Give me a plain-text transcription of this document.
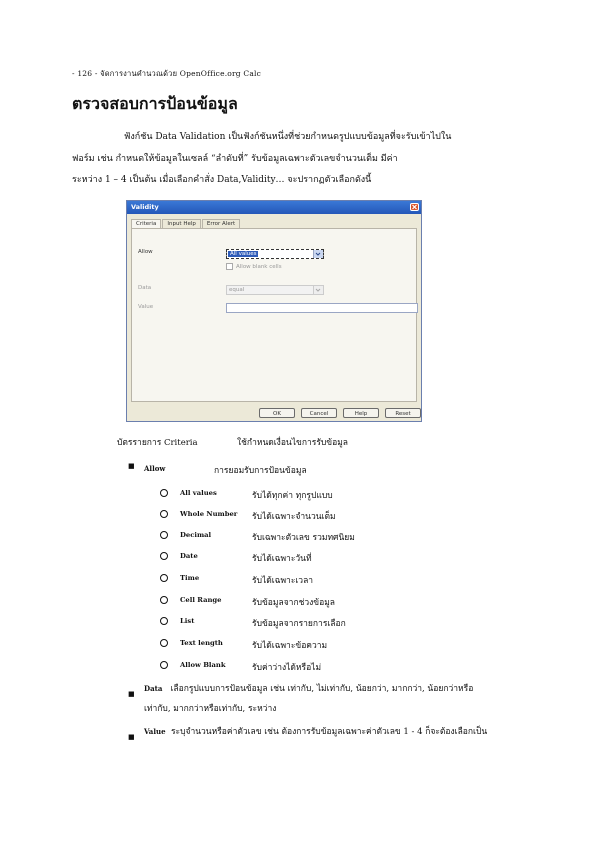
- 126 - จัดการงานคำนวณด้วย OpenOffice.org Calc
ตรวจสอบการป้อนข้อมูล

ฟังก์ชัน Data Validation เป็นฟังก์ชันหนึ่งที่ช่วยกำหนดรูปแบบข้อมูลที่จะรับเข้าไปใน

ฟอร์ม เช่น กำหนดให้ข้อมูลในเซลล์ “ลำดับที่” รับข้อมูลเฉพาะตัวเลขจำนวนเต็ม มีค่า

ระหว่าง 1 – 4 เป็นต้น เมื่อเลือกคำสั่ง Data,Validity… จะปรากฏตัวเลือกดังนี้

Validity
Criteria	Input Help	Error Alert
Allow	All values
Allow blank cells
Data	equal
Value
OK	Cancel	Help	Reset
บัตรรายการ Criteria	ใช้กำหนดเงื่อนไขการรับข้อมูล
■ Allow	การยอมรับการป้อนข้อมูล
All values	รับได้ทุกค่า ทุกรูปแบบ
Whole Number รับได้เฉพาะจำนวนเต็ม
Decimal	รับเฉพาะตัวเลข รวมทศนิยม
Date	รับได้เฉพาะวันที่
Time	รับได้เฉพาะเวลา
Cell Range	รับข้อมูลจากช่วงข้อมูล
List	รับข้อมูลจากรายการเลือก
Text length	รับได้เฉพาะข้อความ
Allow Blank	รับค่าว่างได้หรือไม่
■
Data เลือกรูปแบบการป้อนข้อมูล เช่น เท่ากับ, ไม่เท่ากับ, น้อยกว่า, มากกว่า, น้อยกว่าหรือเท่ากับ, มากกว่าหรือเท่ากับ, ระหว่าง
■
Value ระบุจำนวนหรือค่าตัวเลข เช่น ต้องการรับข้อมูลเฉพาะค่าตัวเลข 1 - 4 ก็จะต้องเลือกเป็น
